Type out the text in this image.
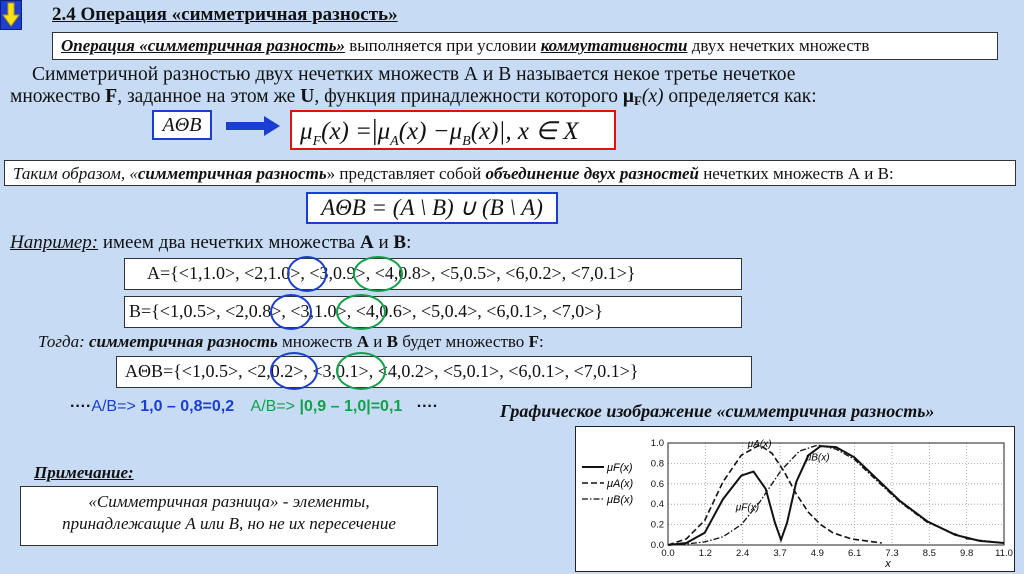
2.4 Операция «симметричная разность»
Операция «симметричная разность» выполняется при условии коммутативности двух нечетких множеств
Симметричной разностью двух нечетких множеств А и В называется некое третье нечеткое
множество F, заданное на этом же U, функция принадлежности которого μF(x) определяется как:
AΘB	$\mu_F(x) =|\mu_A(x) -\mu_B(x)|$, x ∈ X
Таким образом, «симметричная разность» представляет собой объединение двух разностей нечетких множеств А и В:
AΘB = (A \ B) ∪ (B \ A)
Например: имеем два нечетких множества А и В:
A={<1,1.0>, <2,1.0>, <3,0.9>, <4,0.8>, <5,0.5>, <6,0.2>, <7,0.1>}
B={<1,0.5>, <2,0.8>, <3,1.0>, <4,0.6>, <5,0.4>, <6,0.1>, <7,0>}
Тогда: симметричная разность множеств А и В будет множество F:
AΘB={<1,0.5>, <2,0.2>, <3,0.1>, <4,0.2>, <5,0.1>, <6,0.1>, <7,0.1>}
····A/B=> 1,0 – 0,8=0,2 A/B=> |0,9 – 1,0|=0,1 ····	Графическое изображение «симметричная разность»
Примечание:
«Симметричная разница» - элементы,
принадлежащие А или В, но не их пересечение
0.0	1.2	2.4	3.7	4.9	6.1	7.3	8.5	9.8 11.0
0.0
0.2
0.4
0.6
0.8
1.0
x
μF(x)
μA(x)
μB(x)
μB(x)
μA(x)
μF(x)
